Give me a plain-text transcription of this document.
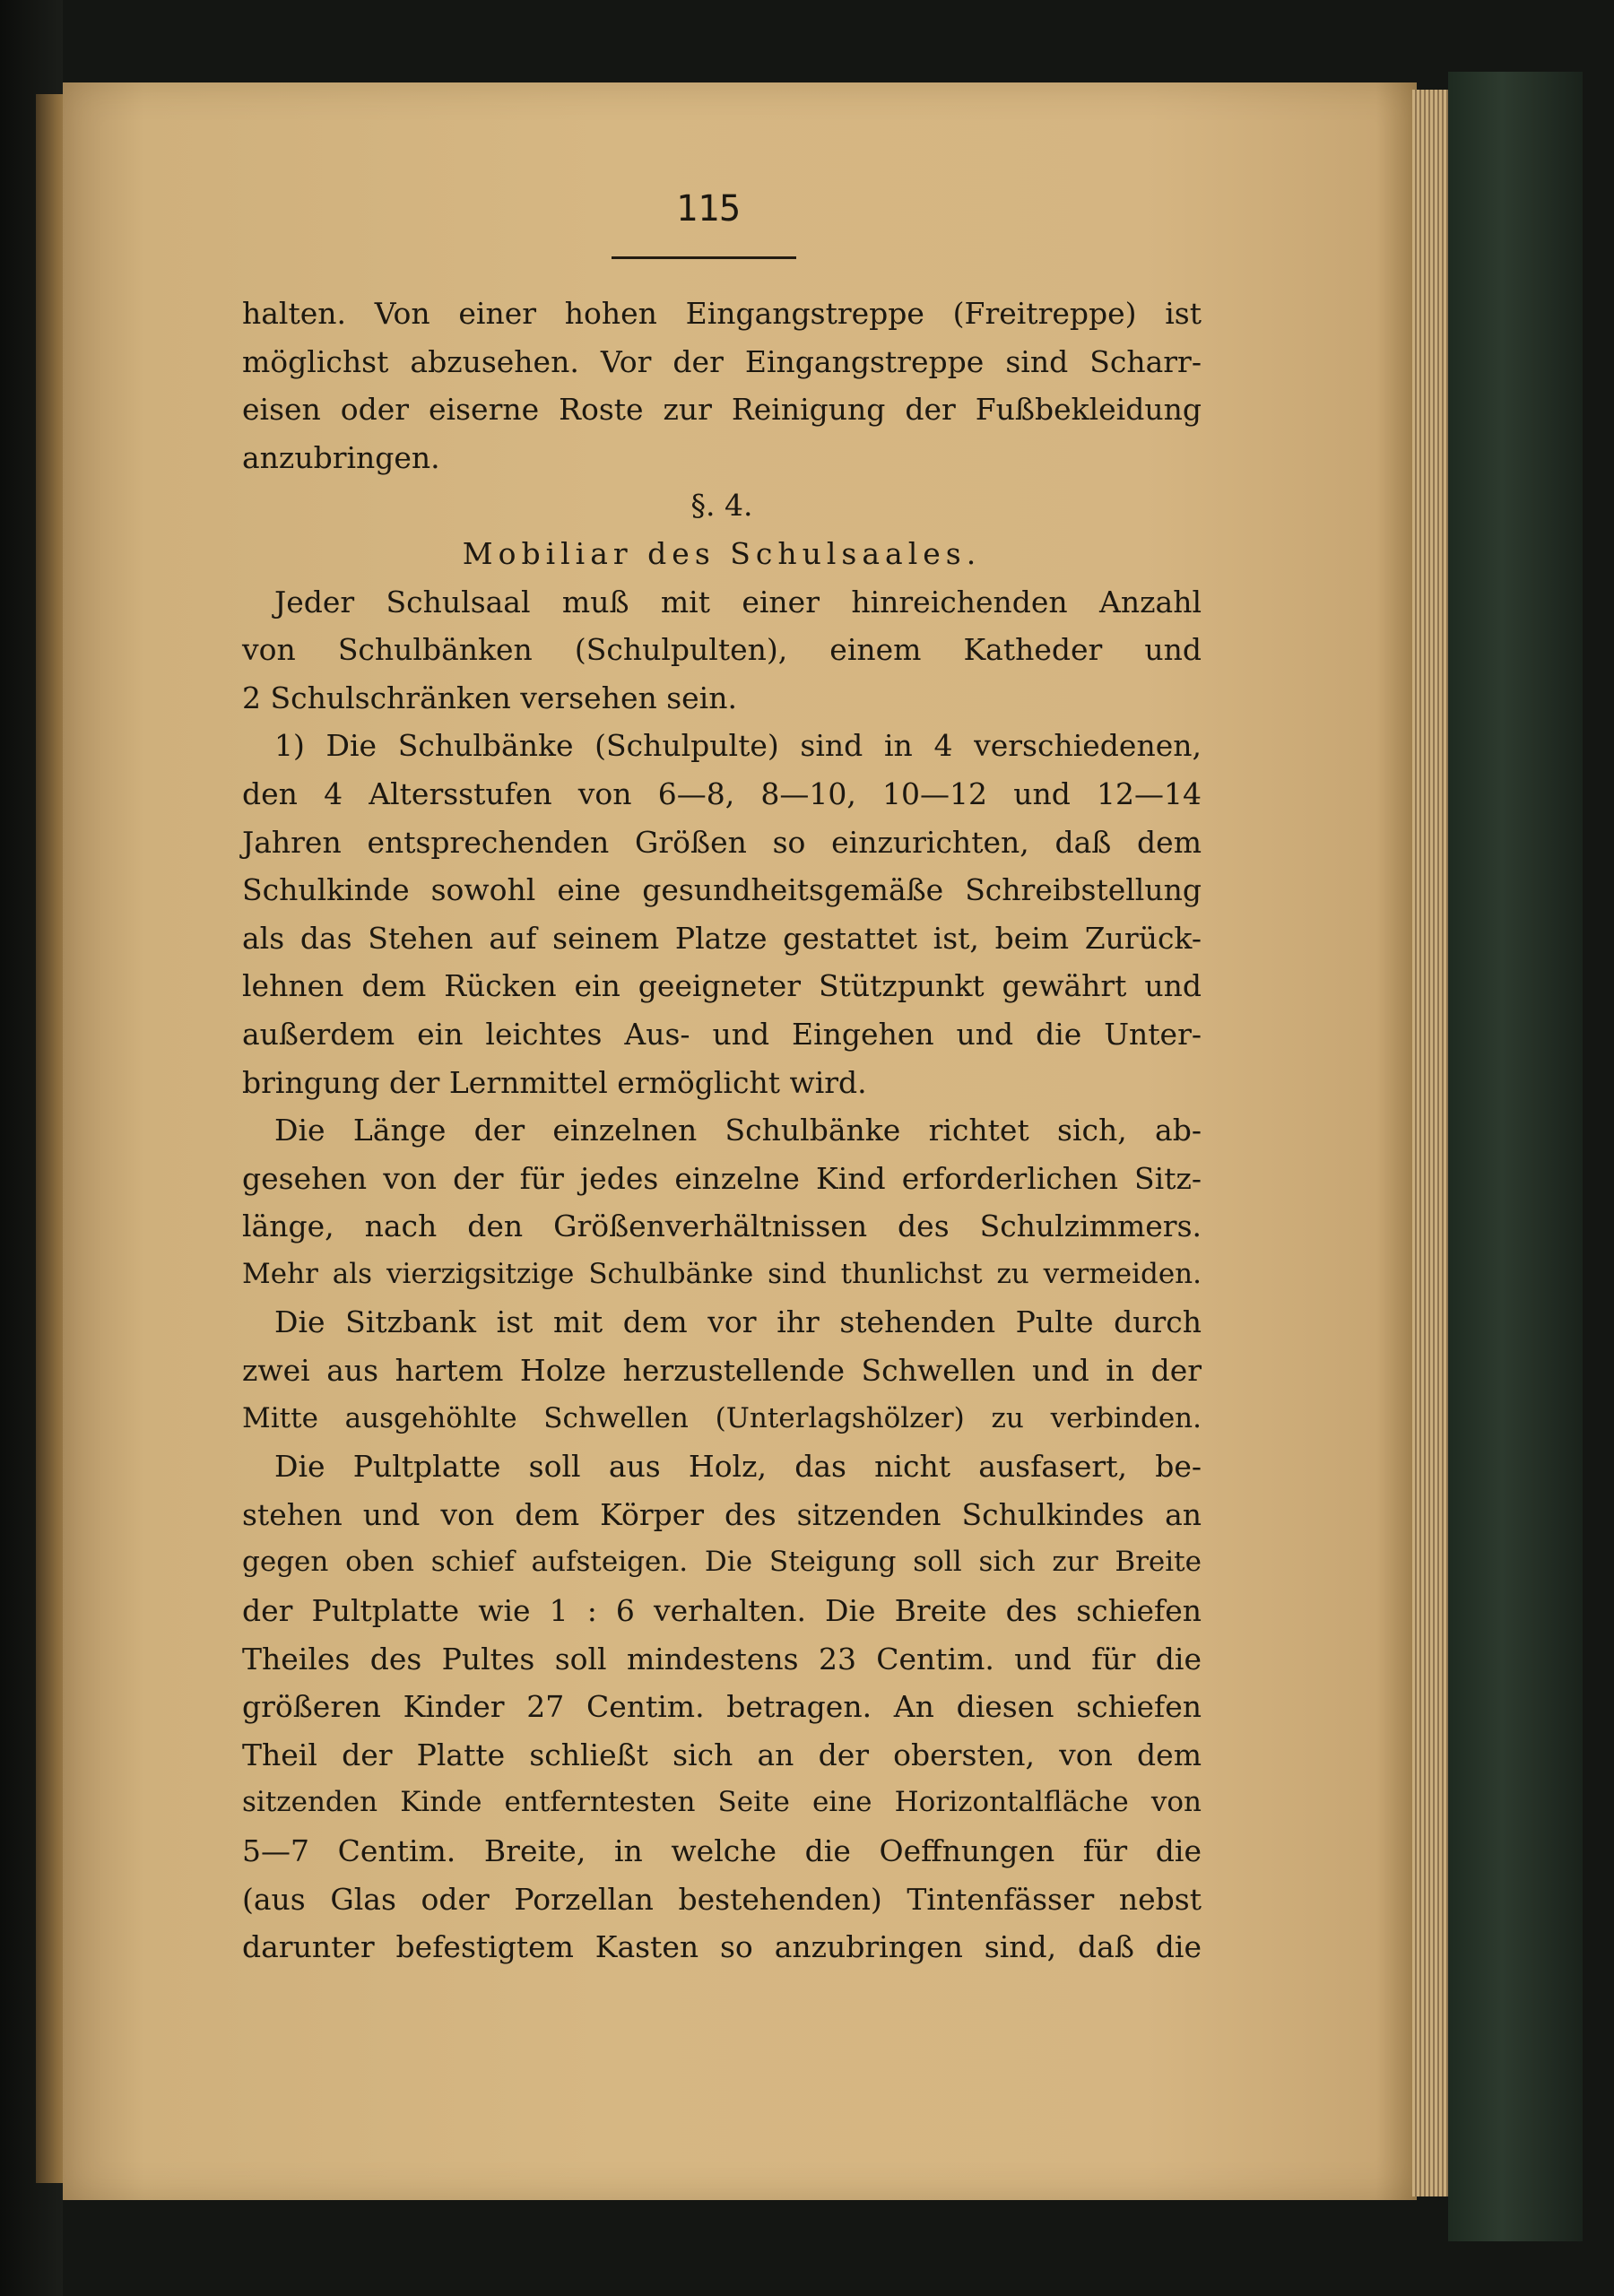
115
halten. Von einer hohen Eingangstreppe (Freitreppe) ist
möglichst abzusehen. Vor der Eingangstreppe sind Scharr-
eisen oder eiserne Roste zur Reinigung der Fußbekleidung
anzubringen.
§. 4.
Mobiliar des Schulsaales.
Jeder Schulsaal muß mit einer hinreichenden Anzahl
von Schulbänken (Schulpulten), einem Katheder und
2 Schulschränken versehen sein.
1) Die Schulbänke (Schulpulte) sind in 4 verschiedenen,
den 4 Altersstufen von 6—8, 8—10, 10—12 und 12—14
Jahren entsprechenden Größen so einzurichten, daß dem
Schulkinde sowohl eine gesundheitsgemäße Schreibstellung
als das Stehen auf seinem Platze gestattet ist, beim Zurück-
lehnen dem Rücken ein geeigneter Stützpunkt gewährt und
außerdem ein leichtes Aus- und Eingehen und die Unter-
bringung der Lernmittel ermöglicht wird.
Die Länge der einzelnen Schulbänke richtet sich, ab-
gesehen von der für jedes einzelne Kind erforderlichen Sitz-
länge, nach den Größenverhältnissen des Schulzimmers.
Mehr als vierzigsitzige Schulbänke sind thunlichst zu vermeiden.
Die Sitzbank ist mit dem vor ihr stehenden Pulte durch
zwei aus hartem Holze herzustellende Schwellen und in der
Mitte ausgehöhlte Schwellen (Unterlagshölzer) zu verbinden.
Die Pultplatte soll aus Holz, das nicht ausfasert, be-
stehen und von dem Körper des sitzenden Schulkindes an
gegen oben schief aufsteigen. Die Steigung soll sich zur Breite
der Pultplatte wie 1 : 6 verhalten. Die Breite des schiefen
Theiles des Pultes soll mindestens 23 Centim. und für die
größeren Kinder 27 Centim. betragen. An diesen schiefen
Theil der Platte schließt sich an der obersten, von dem
sitzenden Kinde entferntesten Seite eine Horizontalfläche von
5—7 Centim. Breite, in welche die Oeffnungen für die
(aus Glas oder Porzellan bestehenden) Tintenfässer nebst
darunter befestigtem Kasten so anzubringen sind, daß die
